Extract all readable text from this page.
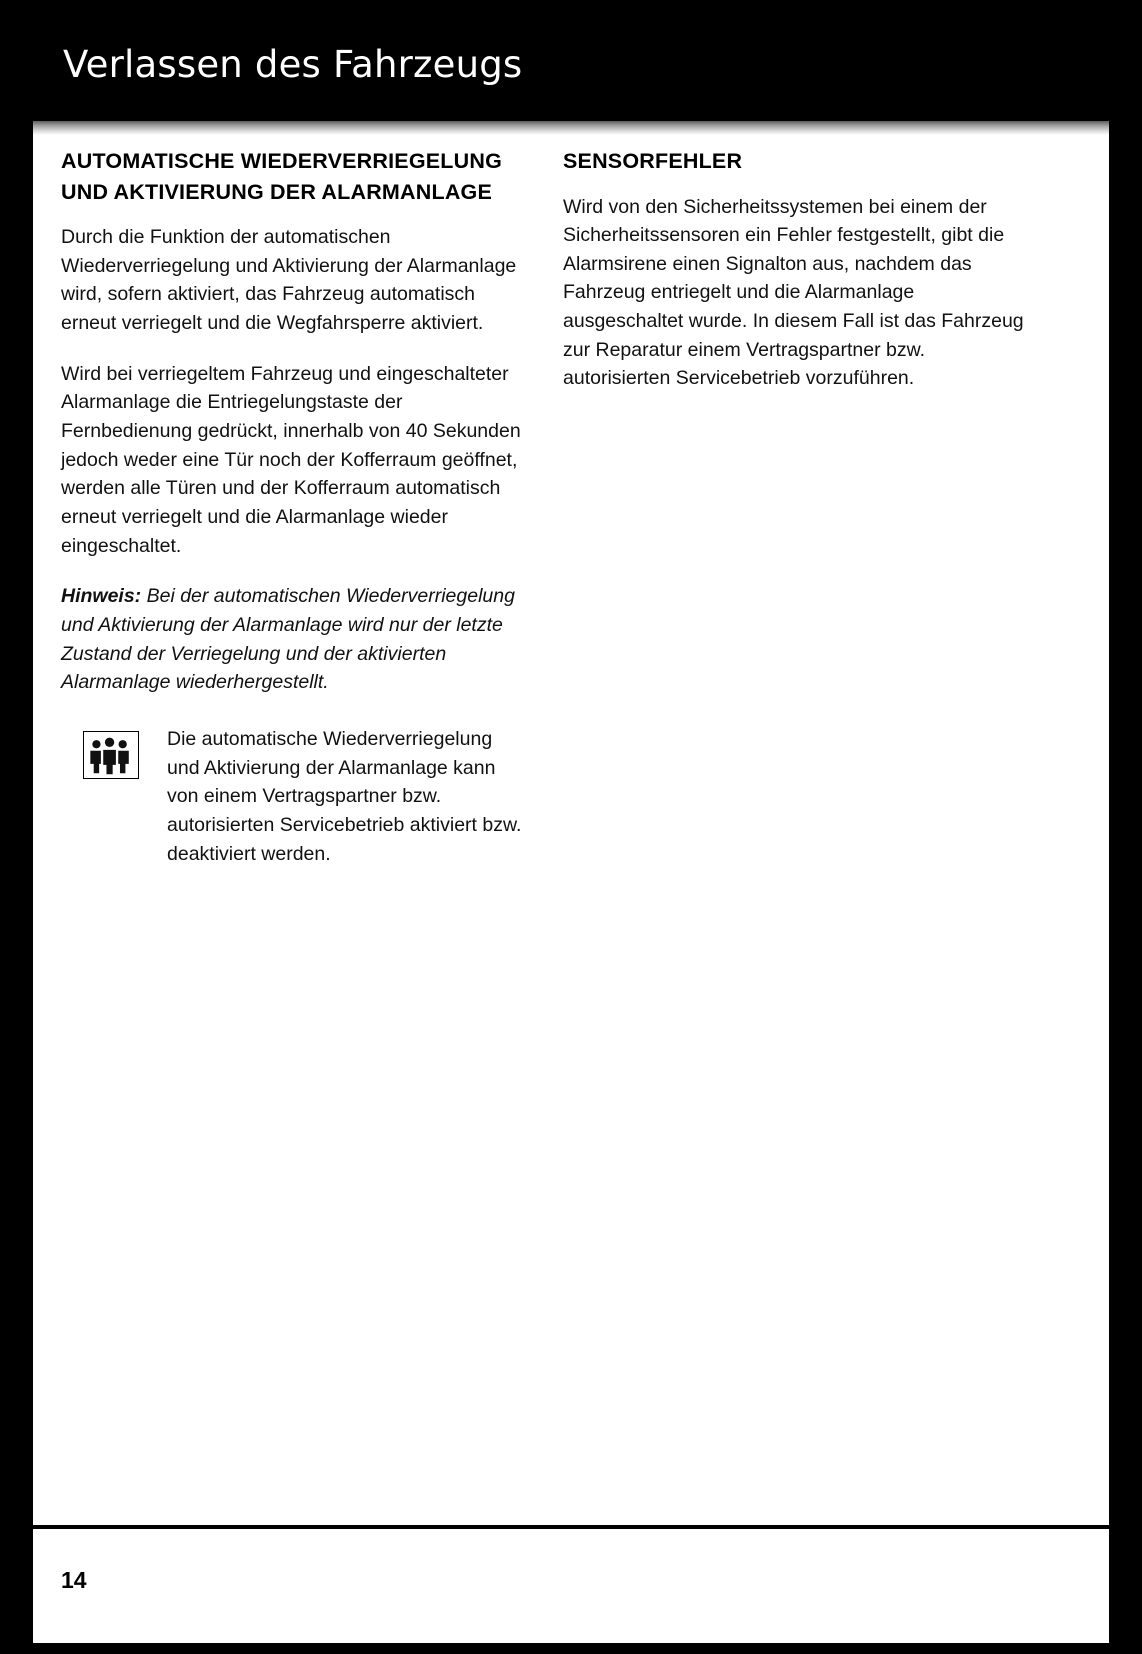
Verlassen des Fahrzeugs
AUTOMATISCHE WIEDERVERRIEGELUNG UND AKTIVIERUNG DER ALARMANLAGE

Durch die Funktion der automatischen Wiederverriegelung und Aktivierung der Alarmanlage wird, sofern aktiviert, das Fahrzeug automatisch erneut verriegelt und die Wegfahrsperre aktiviert.

Wird bei verriegeltem Fahrzeug und eingeschalteter Alarmanlage die Entriegelungstaste der Fernbedienung gedrückt, innerhalb von 40 Sekunden jedoch weder eine Tür noch der Kofferraum geöffnet, werden alle Türen und der Kofferraum automatisch erneut verriegelt und die Alarmanlage wieder eingeschaltet.

Hinweis: Bei der automatischen Wiederverriegelung und Aktivierung der Alarmanlage wird nur der letzte Zustand der Verriegelung und der aktivierten Alarmanlage wiederhergestellt.

Die automatische Wiederverriegelung und Aktivierung der Alarmanlage kann von einem Vertragspartner bzw. autorisierten Servicebetrieb aktiviert bzw. deaktiviert werden.
SENSORFEHLER

Wird von den Sicherheitssystemen bei einem der Sicherheitssensoren ein Fehler festgestellt, gibt die Alarmsirene einen Signalton aus, nachdem das Fahrzeug entriegelt und die Alarmanlage ausgeschaltet wurde. In diesem Fall ist das Fahrzeug zur Reparatur einem Vertragspartner bzw. autorisierten Servicebetrieb vorzuführen.

14
